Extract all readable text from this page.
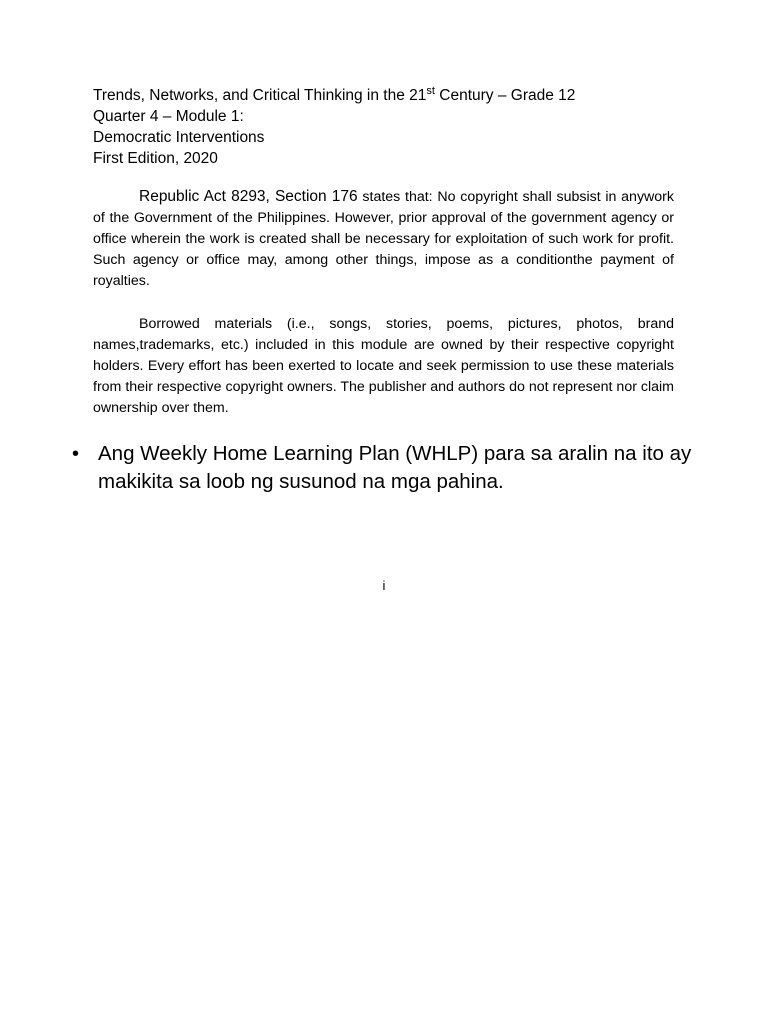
Trends, Networks, and Critical Thinking in the 21st Century – Grade 12
Quarter 4 – Module 1:
Democratic Interventions
First Edition, 2020

Republic Act 8293, Section 176 states that: No copyright shall subsist in anywork of the Government of the Philippines. However, prior approval of the government agency or office wherein the work is created shall be necessary for exploitation of such work for profit. Such agency or office may, among other things, impose as a conditionthe payment of royalties.

Borrowed materials (i.e., songs, stories, poems, pictures, photos, brand names,trademarks, etc.) included in this module are owned by their respective copyright holders. Every effort has been exerted to locate and seek permission to use these materials from their respective copyright owners. The publisher and authors do not represent nor claim ownership over them.

• Ang Weekly Home Learning Plan (WHLP) para sa aralin na ito ay makikita sa loob ng susunod na mga pahina.
i
